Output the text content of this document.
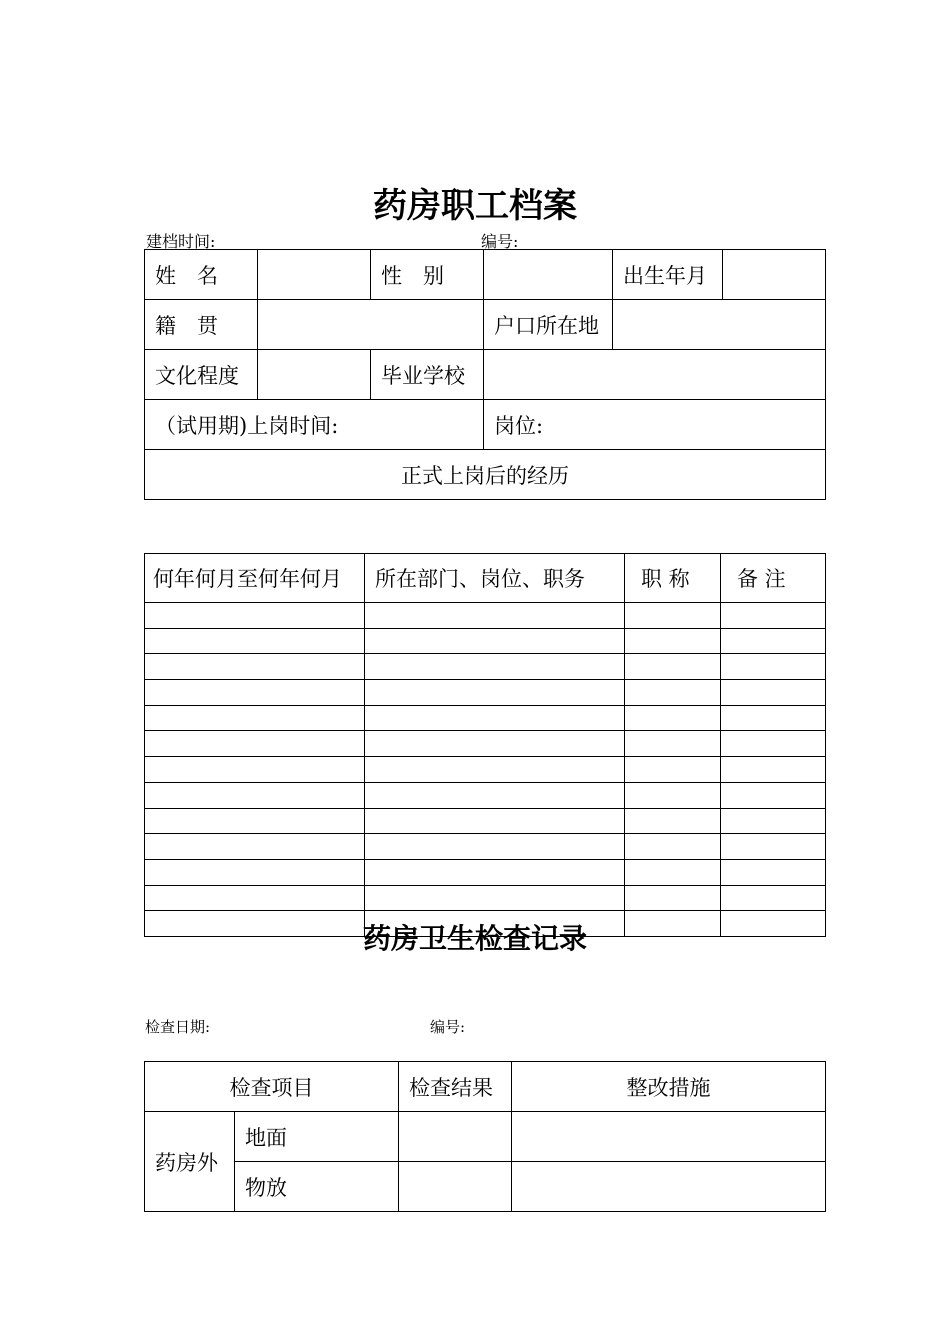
药房职工档案
建档时间:	编号:
姓　名		性　别		出生年月	
籍　贯			户口所在地		
文化程度		毕业学校			
（试用期)上岗时间:			岗位:		
正式上岗后的经历					
何年何月至何年何月	所在部门、岗位、职务	职 称	备 注

药房卫生检查记录
检查日期:	编号:
检查项目		检查结果	整改措施
药房外	地面		
	物放		
